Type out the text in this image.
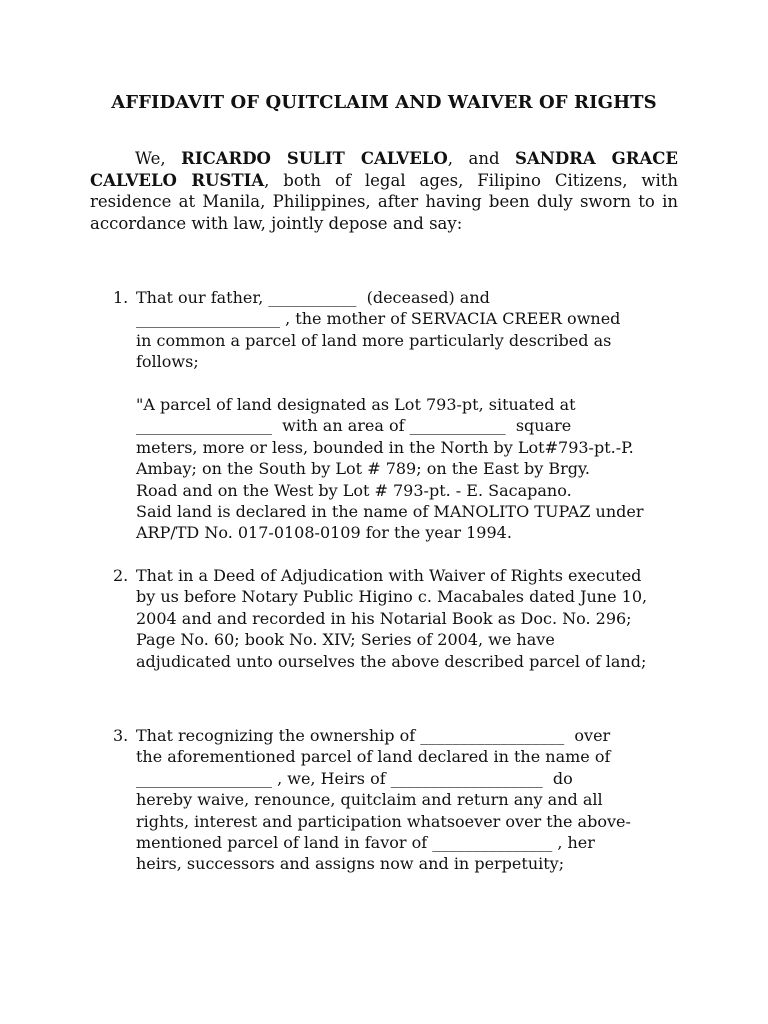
AFFIDAVIT OF QUITCLAIM AND WAIVER OF RIGHTS
We, RICARDO SULIT CALVELO, and SANDRA GRACE CALVELO RUSTIA, both of legal ages, Filipino Citizens, with residence at Manila, Philippines, after having been duly sworn to in accordance with law, jointly depose and say:
1. That our father, ___________  (deceased) and
__________________ , the mother of SERVACIA CREER owned
in common a parcel of land more particularly described as
follows;
"A parcel of land designated as Lot 793-pt, situated at
_________________  with an area of ____________  square
meters, more or less, bounded in the North by Lot#793-pt.-P.
Ambay; on the South by Lot # 789; on the East by Brgy.
Road and on the West by Lot # 793-pt. - E. Sacapano.
Said land is declared in the name of MANOLITO TUPAZ under
ARP/TD No. 017-0108-0109 for the year 1994.
2. That in a Deed of Adjudication with Waiver of Rights executed
by us before Notary Public Higino c. Macabales dated June 10,
2004 and and recorded in his Notarial Book as Doc. No. 296;
Page No. 60; book No. XIV; Series of 2004, we have
adjudicated unto ourselves the above described parcel of land;
3. That recognizing the ownership of __________________  over
the aforementioned parcel of land declared in the name of
_________________ , we, Heirs of ___________________  do
hereby waive, renounce, quitclaim and return any and all
rights, interest and participation whatsoever over the above-
mentioned parcel of land in favor of _______________ , her
heirs, successors and assigns now and in perpetuity;
